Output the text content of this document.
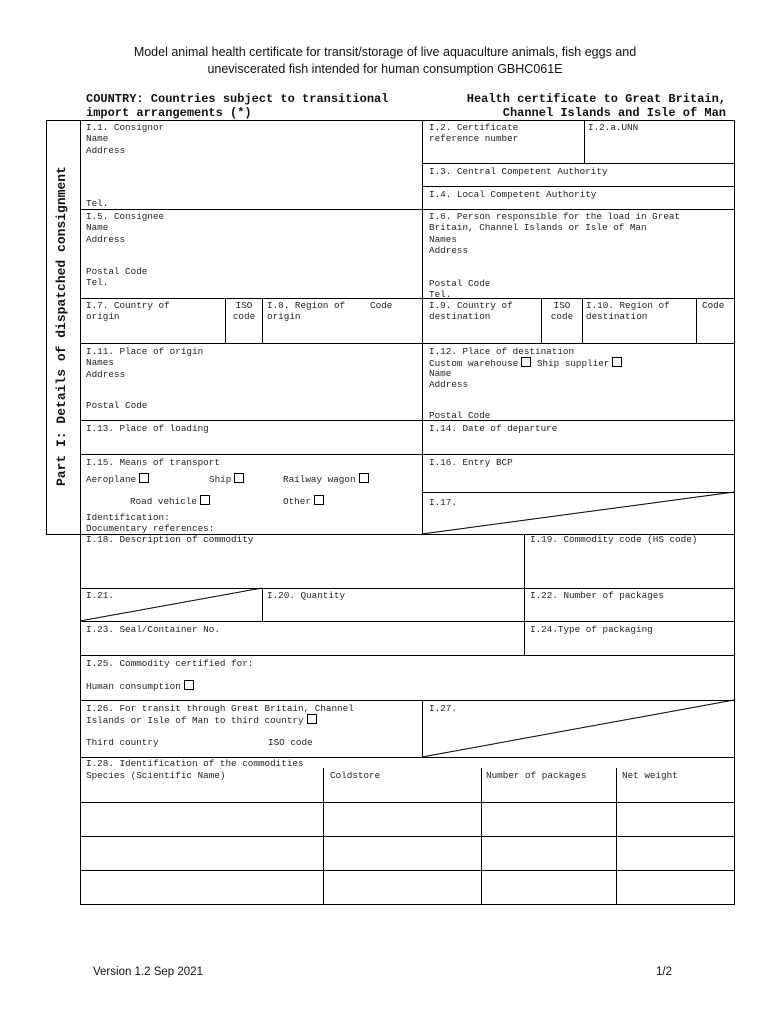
Model animal health certificate for transit/storage of live aquaculture animals, fish eggs and
uneviscerated fish intended for human consumption GBHC061E
COUNTRY: Countries subject to transitional
import arrangements (*)
Health certificate to Great Britain,
Channel Islands and Isle of Man
Part I: Details of dispatched consignment
I.1. Consignor
Name
Address
Tel.
I.2. Certificate
reference number
I.2.a.UNN
I.3. Central Competent Authority
I.4. Local Competent Authority
I.5. Consignee
Name
Address
Postal Code
Tel.
I.6. Person responsible for the load in Great
Britain, Channel Islands or Isle of Man
Names
Address
Postal Code
Tel.
I.7. Country of
origin
ISO
code
I.8. Region of
origin
Code	I.9. Country of
destination
ISO
code
I.10. Region of
destination
Code
I.11. Place of origin
Names
Address
Postal Code
I.12. Place of destination
Custom warehouse Ship supplier
Name
Address
Postal Code
I.13. Place of loading	I.14. Date of departure
I.15. Means of transport
Aeroplane	Ship	Railway wagon
Road vehicle	Other
Identification:
Documentary references:
I.16. Entry BCP
I.17.
I.18. Description of commodity	I.19. Commodity code (HS code)
I.21.	I.20. Quantity	I.22. Number of packages
I.23. Seal/Container No.	I.24.Type of packaging
I.25. Commodity certified for:
Human consumption
I.26. For transit through Great Britain, Channel
Islands or Isle of Man to third country
Third country	ISO code
I.27.
I.28. Identification of the commodities
Species (Scientific Name)	Coldstore	Number of packages	Net weight
Version 1.2 Sep 2021	1/2
